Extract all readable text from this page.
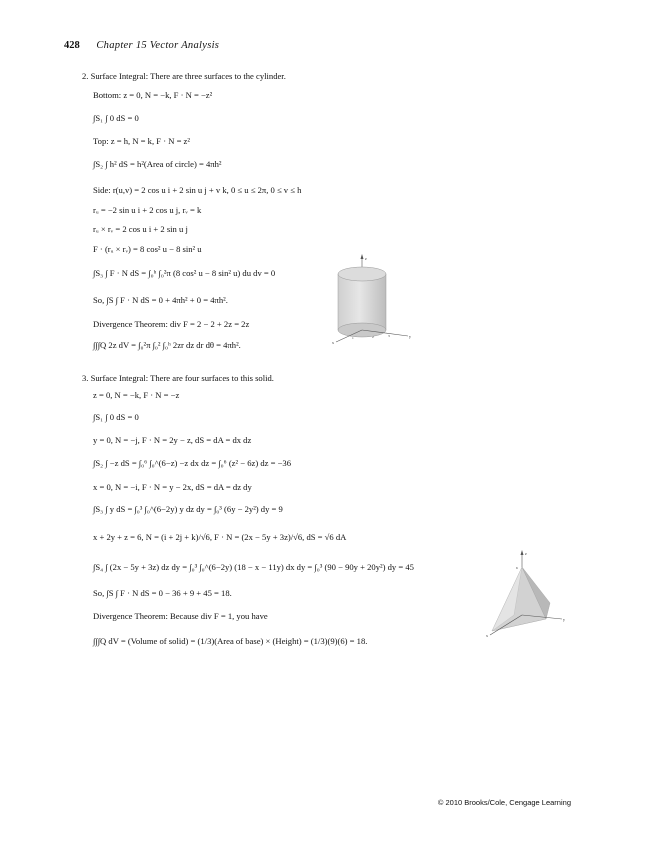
428 Chapter 15 Vector Analysis
2. Surface Integral: There are three surfaces to the cylinder.
Bottom: z = 0, N = −k, F · N = −z²
∫S₁ ∫ 0 dS = 0
Top: z = h, N = k, F · N = z²
∫S₂ ∫ h² dS = h²(Area of circle) = 4πh²
Side: r(u,v) = 2 cos u i + 2 sin u j + v k, 0 ≤ u ≤ 2π, 0 ≤ v ≤ h
rᵤ = −2 sin u i + 2 cos u j, rᵥ = k
rᵤ × rᵥ = 2 cos u i + 2 sin u j
F · (rᵤ × rᵥ) = 8 cos² u − 8 sin² u
∫S₃ ∫ F · N dS = ∫₀ʰ ∫₀²π (8 cos² u − 8 sin² u) du dv = 0
So, ∫S ∫ F · N dS = 0 + 4πh² + 0 = 4πh².
Divergence Theorem: div F = 2 − 2 + 2z = 2z
∫∫∫Q 2z dV = ∫₀²π ∫₀² ∫₀ʰ 2zr dz dr dθ = 4πh².
3. Surface Integral: There are four surfaces to this solid.
z = 0, N = −k, F · N = −z
∫S₁ ∫ 0 dS = 0
y = 0, N = −j, F · N = 2y − z, dS = dA = dx dz
∫S₂ ∫ −z dS = ∫₀⁶ ∫₀^(6−z) −z dx dz = ∫₀⁶ (z² − 6z) dz = −36
x = 0, N = −i, F · N = y − 2x, dS = dA = dz dy
∫S₃ ∫ y dS = ∫₀³ ∫₀^(6−2y) y dz dy = ∫₀³ (6y − 2y²) dy = 9
x + 2y + z = 6, N = (i + 2j + k)/√6, F · N = (2x − 5y + 3z)/√6, dS = √6 dA
∫S₄ ∫ (2x − 5y + 3z) dz dy = ∫₀³ ∫₀^(6−2y) (18 − x − 11y) dx dy = ∫₀³ (90 − 90y + 20y²) dy = 45
So, ∫S ∫ F · N dS = 0 − 36 + 9 + 45 = 18.
Divergence Theorem: Because div F = 1, you have
∫∫∫Q dV = (Volume of solid) = (1/3)(Area of base) × (Height) = (1/3)(9)(6) = 18.
z
y
x
1	2	3
z
y
x
6
© 2010 Brooks/Cole, Cengage Learning
